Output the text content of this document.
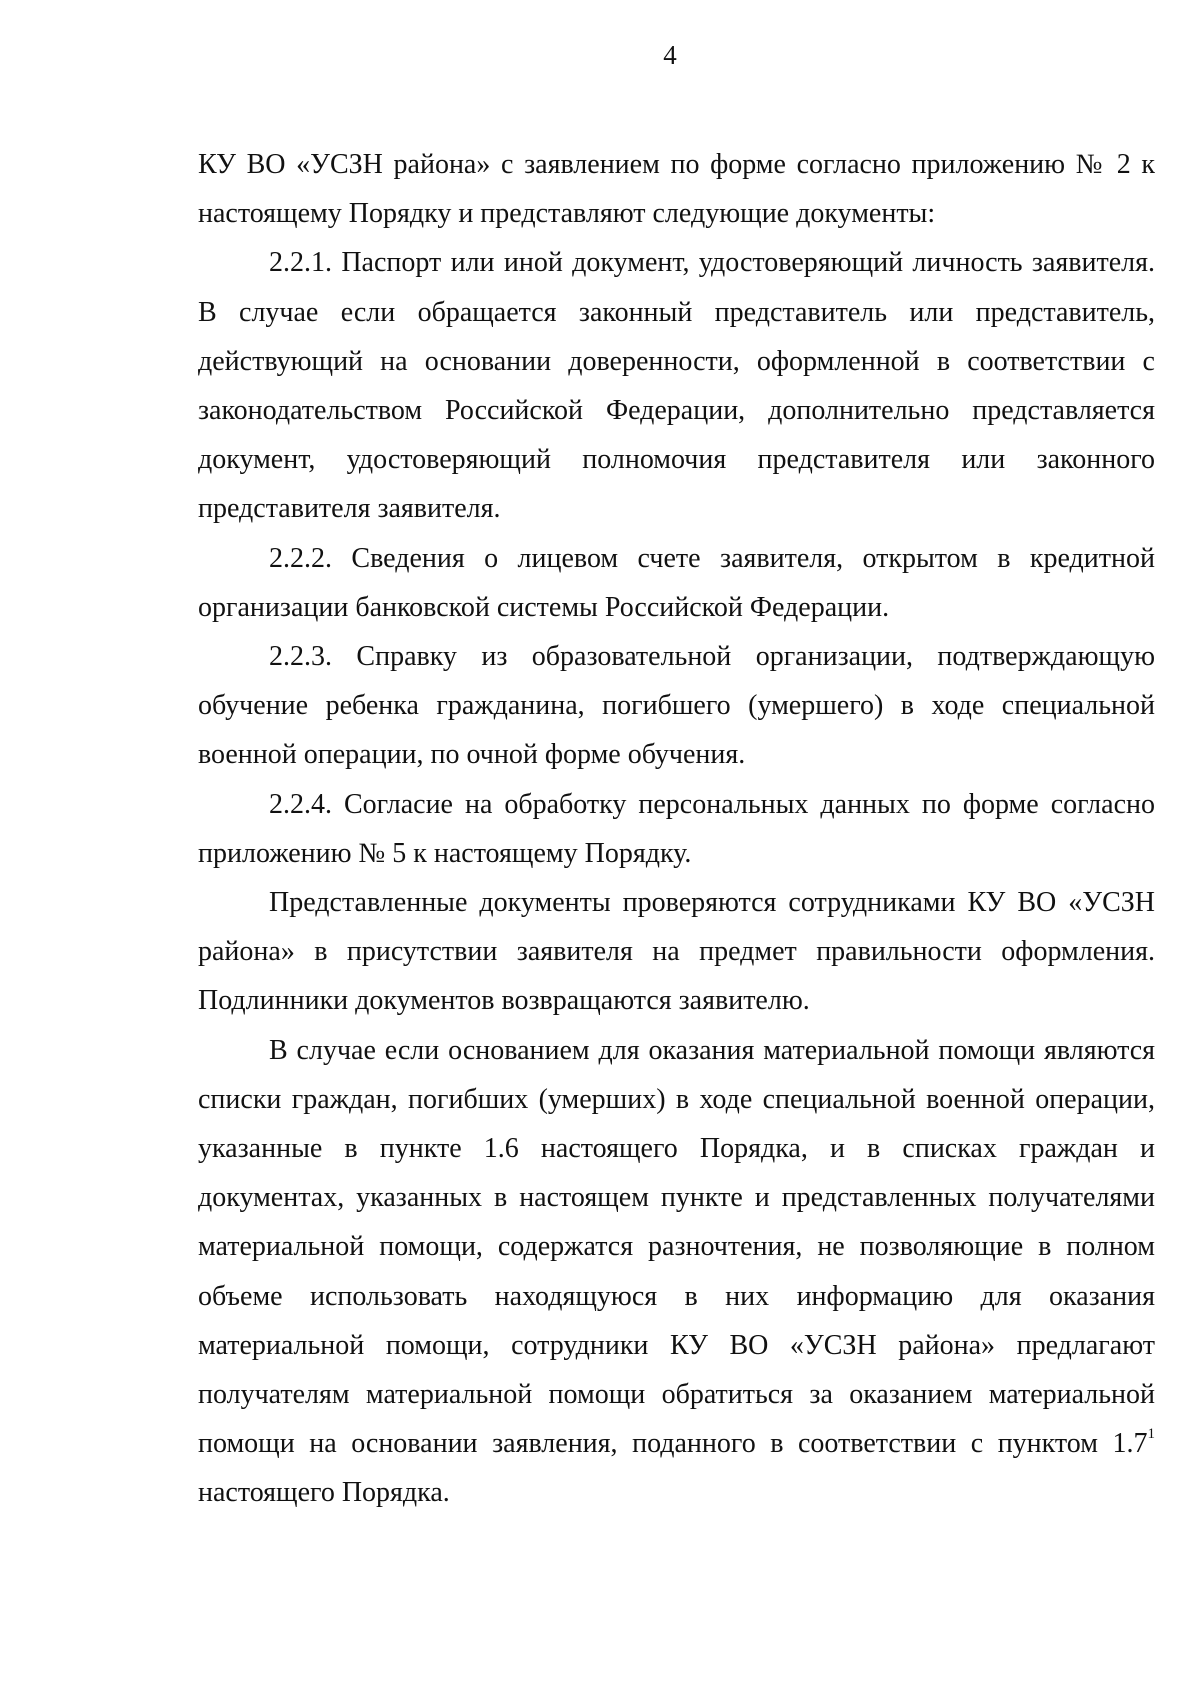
4

КУ ВО «УСЗН района» с заявлением по форме согласно приложению № 2 к настоящему Порядку и представляют следующие документы:

2.2.1. Паспорт или иной документ, удостоверяющий личность заявителя. В случае если обращается законный представитель или представитель, действующий на основании доверенности, оформленной в соответствии с законодательством Российской Федерации, дополнительно представляется документ, удостоверяющий полномочия представителя или законного представителя заявителя.

2.2.2. Сведения о лицевом счете заявителя, открытом в кредитной организации банковской системы Российской Федерации.

2.2.3. Справку из образовательной организации, подтверждающую обучение ребенка гражданина, погибшего (умершего) в ходе специальной военной операции, по очной форме обучения.

2.2.4. Согласие на обработку персональных данных по форме согласно приложению № 5 к настоящему Порядку.

Представленные документы проверяются сотрудниками КУ ВО «УСЗН района» в присутствии заявителя на предмет правильности оформления. Подлинники документов возвращаются заявителю.

В случае если основанием для оказания материальной помощи являются списки граждан, погибших (умерших) в ходе специальной военной операции, указанные в пункте 1.6 настоящего Порядка, и в списках граждан и документах, указанных в настоящем пункте и представленных получателями материальной помощи, содержатся разночтения, не позволяющие в полном объеме использовать находящуюся в них информацию для оказания материальной помощи, сотрудники КУ ВО «УСЗН района» предлагают получателям материальной помощи обратиться за оказанием материальной помощи на основании заявления, поданного в соответствии с пунктом $1.7^1$ настоящего Порядка.
